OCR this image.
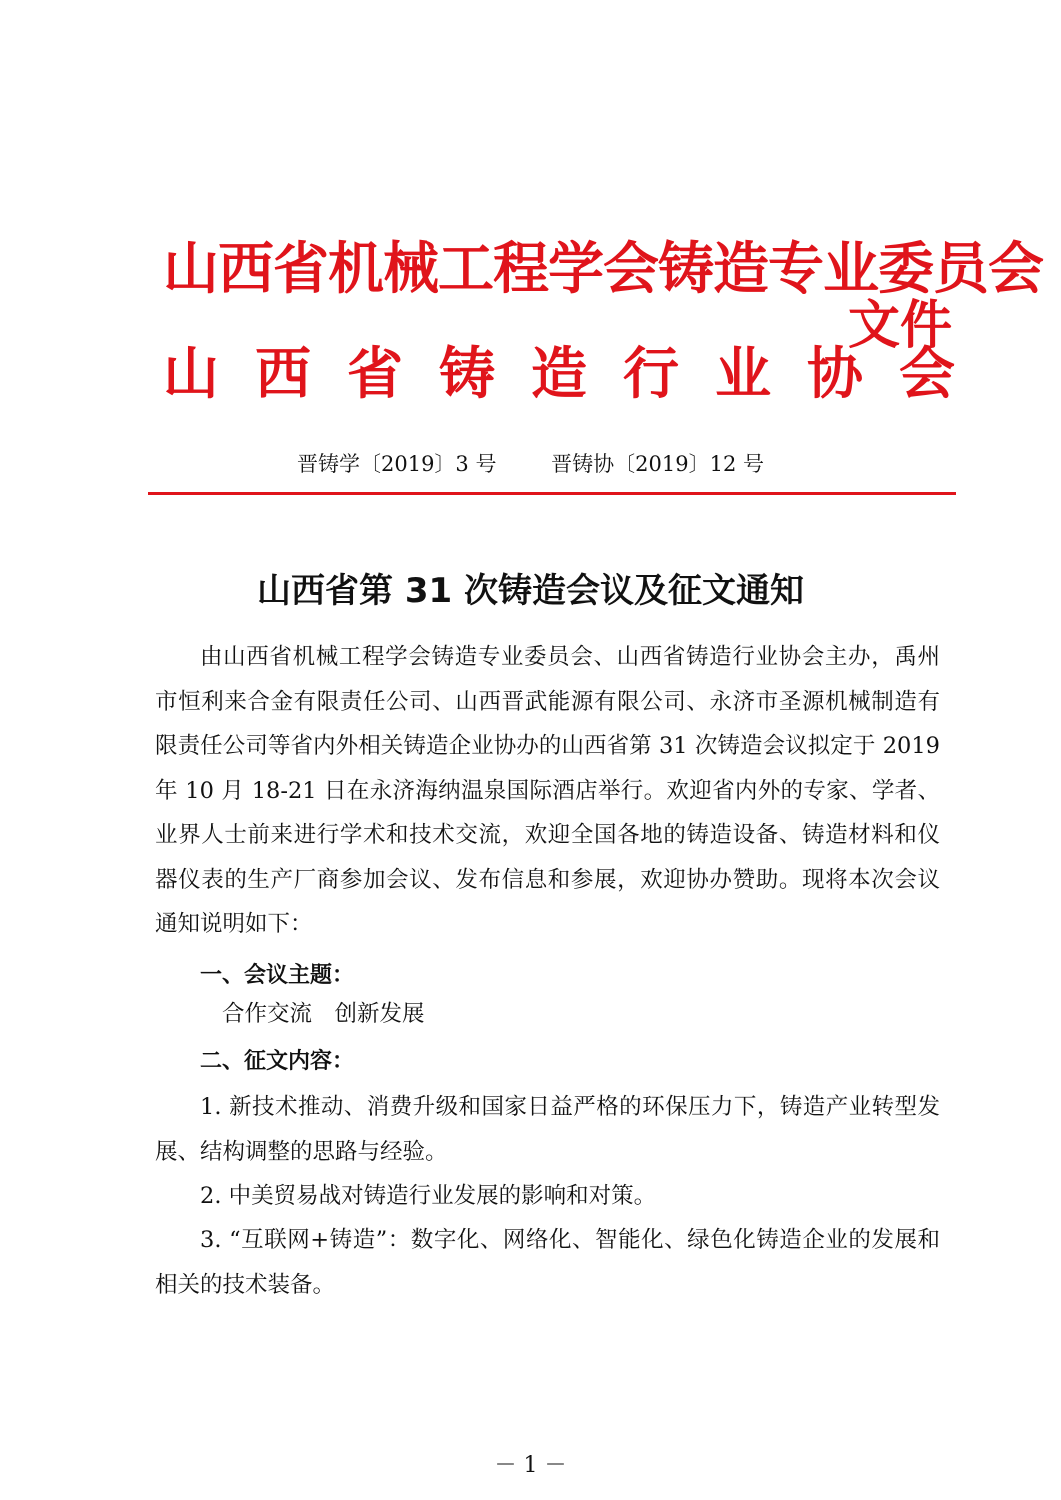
山西省机械工程学会铸造专业委员会
山西省铸造行业协会
文件
晋铸学〔2019〕3 号	晋铸协〔2019〕12 号
山西省第 31 次铸造会议及征文通知
由山西省机械工程学会铸造专业委员会、山西省铸造行业协会主办，禹州市恒利来合金有限责任公司、山西晋武能源有限公司、永济市圣源机械制造有限责任公司等省内外相关铸造企业协办的山西省第 31 次铸造会议拟定于 2019 年 10 月 18-21 日在永济海纳温泉国际酒店举行。欢迎省内外的专家、学者、业界人士前来进行学术和技术交流，欢迎全国各地的铸造设备、铸造材料和仪器仪表的生产厂商参加会议、发布信息和参展，欢迎协办赞助。现将本次会议通知说明如下：
一、会议主题：
合作交流　创新发展
二、征文内容：
1. 新技术推动、消费升级和国家日益严格的环保压力下，铸造产业转型发展、结构调整的思路与经验。
2. 中美贸易战对铸造行业发展的影响和对策。
3. “互联网+铸造”：数字化、网络化、智能化、绿色化铸造企业的发展和相关的技术装备。
－ 1 －
